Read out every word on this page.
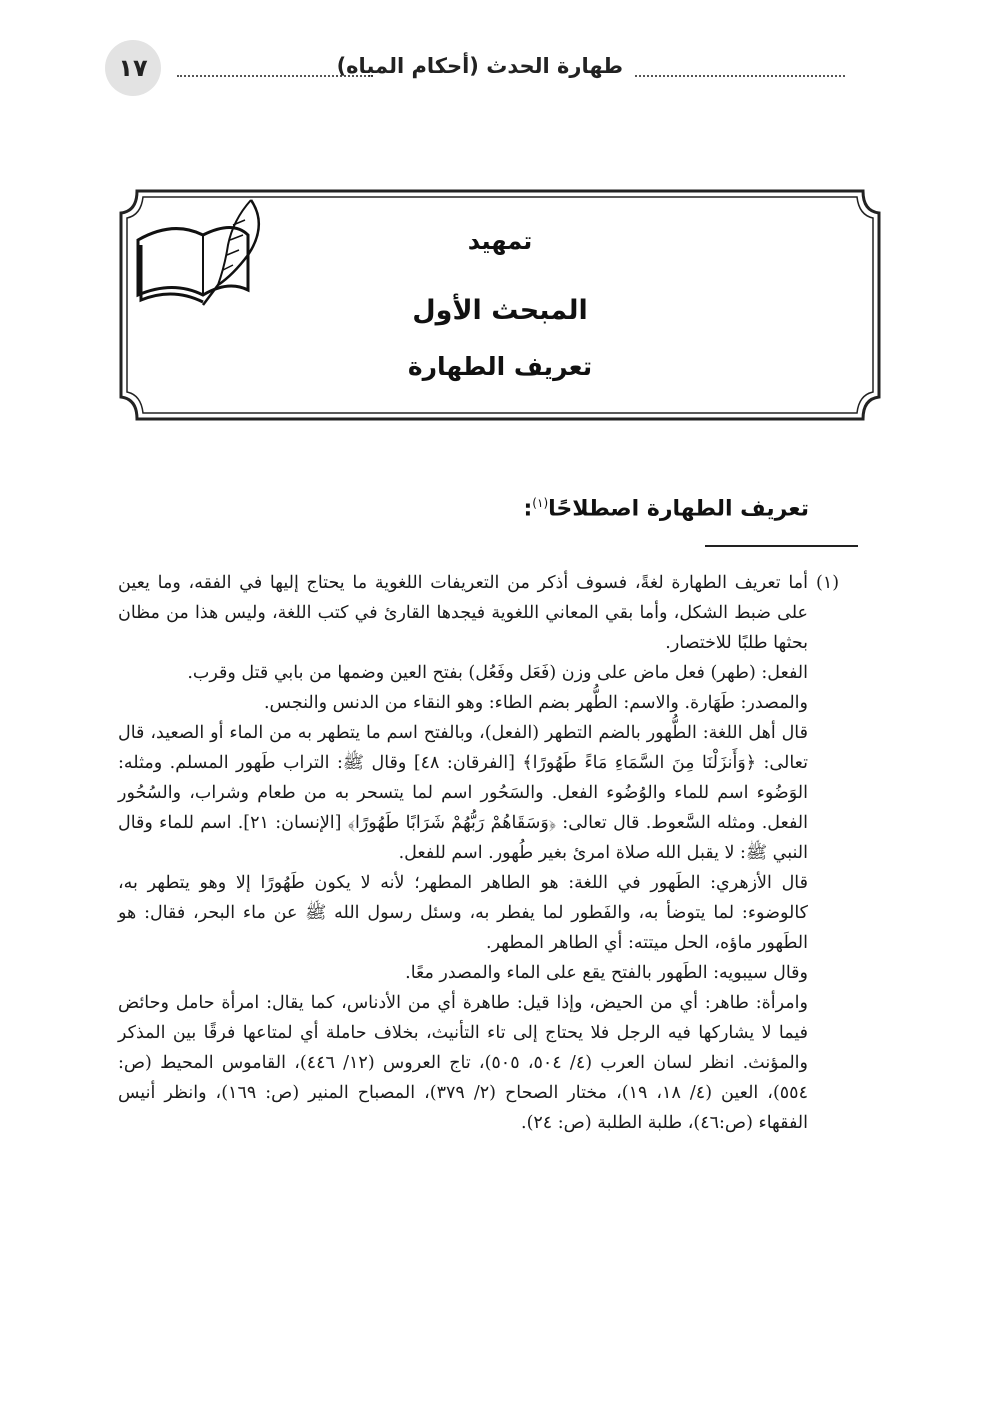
١٧	طهارة الحدث (أحكام المياه)
تمهيد
المبحث الأول
تعريف الطهارة
تعريف الطهارة اصطلاحًا$^{(١)}$:
(١)

أما تعريف الطهارة لغةً، فسوف أذكر من التعريفات اللغوية ما يحتاج إليها في الفقه، وما يعين على ضبط الشكل، وأما بقي المعاني اللغوية فيجدها القارئ في كتب اللغة، وليس هذا من مظان بحثها طلبًا للاختصار.

الفعل: (طهر) فعل ماض على وزن (فَعَل وفَعُل) بفتح العين وضمها من بابي قتل وقرب.

والمصدر: طَهَارة. والاسم: الطُّهر بضم الطاء: وهو النقاء من الدنس والنجس.

قال أهل اللغة: الطُّهور بالضم التطهر (الفعل)، وبالفتح اسم ما يتطهر به من الماء أو الصعيد، قال تعالى: ﴿وَأَنزَلْنَا مِنَ السَّمَاءِ مَاءً طَهُورًا﴾ [الفرقان: ٤٨] وقال ﷺ: التراب طَهور المسلم. ومثله: الوَضُوء اسم للماء والوُضُوء الفعل. والسَحُور اسم لما يتسحر به من طعام وشراب، والسُحُور الفعل. ومثله السَّعوط. قال تعالى: ﴿وَسَقَاهُمْ رَبُّهُمْ شَرَابًا طَهُورًا﴾ [الإنسان: ٢١]. اسم للماء وقال النبي ﷺ: لا يقبل الله صلاة امرئ بغير طُهور. اسم للفعل.

قال الأزهري: الطَهور في اللغة: هو الطاهر المطهر؛ لأنه لا يكون طَهُورًا إلا وهو يتطهر به، كالوضوء: لما يتوضأ به، والفَطور لما يفطر به، وسئل رسول الله ﷺ عن ماء البحر، فقال: هو الطَهور ماؤه، الحل ميتته: أي الطاهر المطهر.

وقال سيبويه: الطَهور بالفتح يقع على الماء والمصدر معًا.

وامرأة: طاهر: أي من الحيض، وإذا قيل: طاهرة أي من الأدناس، كما يقال: امرأة حامل وحائض فيما لا يشاركها فيه الرجل فلا يحتاج إلى تاء التأنيث، بخلاف حاملة أي لمتاعها فرقًا بين المذكر والمؤنث. انظر لسان العرب (٤/ ٥٠٤، ٥٠٥)، تاج العروس (١٢/ ٤٤٦)، القاموس المحيط (ص: ٥٥٤)، العين (٤/ ١٨، ١٩)، مختار الصحاح (٢/ ٣٧٩)، المصباح المنير (ص: ١٦٩)، وانظر أنيس الفقهاء (ص:٤٦)، طلبة الطلبة (ص: ٢٤).
